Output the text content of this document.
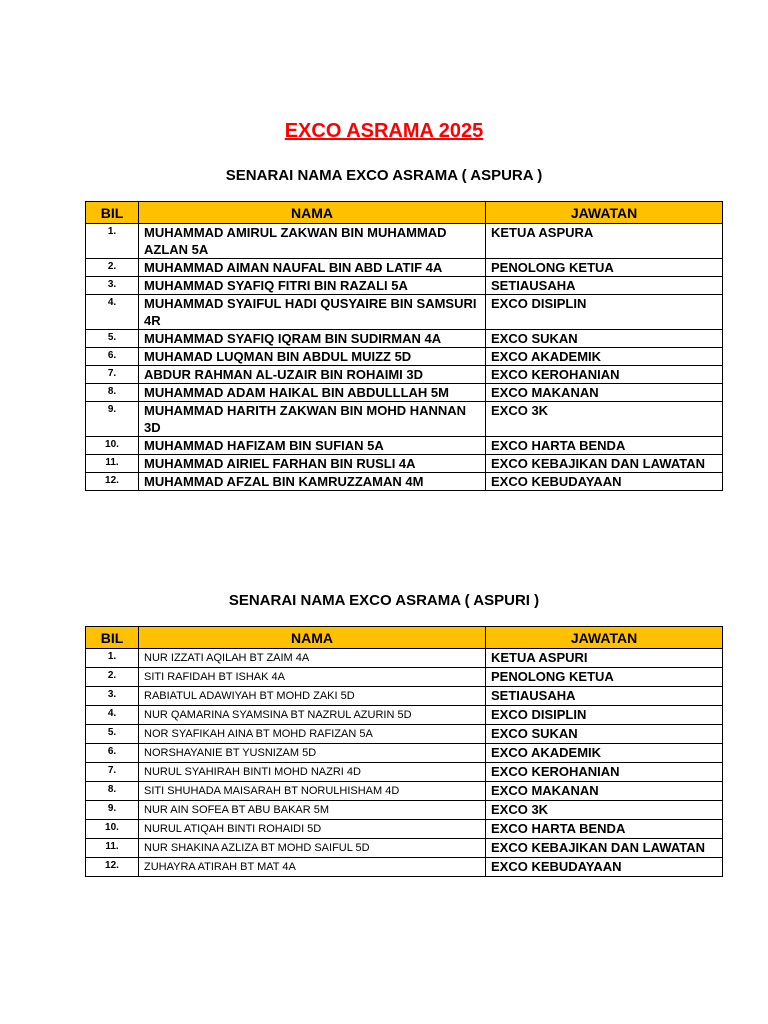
EXCO ASRAMA 2025
SENARAI NAMA EXCO ASRAMA ( ASPURA )
BIL	NAMA	JAWATAN
1.	MUHAMMAD AMIRUL ZAKWAN BIN MUHAMMAD AZLAN 5A	KETUA ASPURA
2.	MUHAMMAD AIMAN NAUFAL BIN ABD LATIF 4A	PENOLONG KETUA
3.	MUHAMMAD SYAFIQ FITRI BIN RAZALI 5A	SETIAUSAHA
4.	MUHAMMAD SYAIFUL HADI QUSYAIRE BIN SAMSURI 4R	EXCO DISIPLIN
5.	MUHAMMAD SYAFIQ IQRAM BIN SUDIRMAN 4A	EXCO SUKAN
6.	MUHAMAD LUQMAN BIN ABDUL MUIZZ 5D	EXCO AKADEMIK
7.	ABDUR RAHMAN AL-UZAIR BIN ROHAIMI 3D	EXCO KEROHANIAN
8.	MUHAMMAD ADAM HAIKAL BIN ABDULLLAH 5M	EXCO MAKANAN
9.	MUHAMMAD HARITH ZAKWAN BIN MOHD HANNAN 3D	EXCO 3K
10.	MUHAMMAD HAFIZAM BIN SUFIAN 5A	EXCO HARTA BENDA
11.	MUHAMMAD AIRIEL FARHAN BIN RUSLI 4A	EXCO KEBAJIKAN DAN LAWATAN
12.	MUHAMMAD AFZAL BIN KAMRUZZAMAN 4M	EXCO KEBUDAYAAN
SENARAI NAMA EXCO ASRAMA ( ASPURI )
BIL	NAMA	JAWATAN
1.	NUR IZZATI AQILAH BT ZAIM 4A	KETUA ASPURI
2.	SITI RAFIDAH BT ISHAK 4A	PENOLONG KETUA
3.	RABIATUL ADAWIYAH BT MOHD ZAKI 5D	SETIAUSAHA
4.	NUR QAMARINA SYAMSINA BT NAZRUL AZURIN 5D	EXCO DISIPLIN
5.	NOR SYAFIKAH AINA BT MOHD RAFIZAN 5A	EXCO SUKAN
6.	NORSHAYANIE BT YUSNIZAM 5D	EXCO AKADEMIK
7.	NURUL SYAHIRAH BINTI MOHD NAZRI 4D	EXCO KEROHANIAN
8.	SITI SHUHADA MAISARAH BT NORULHISHAM 4D	EXCO MAKANAN
9.	NUR AIN SOFEA BT ABU BAKAR 5M	EXCO 3K
10.	NURUL ATIQAH BINTI ROHAIDI 5D	EXCO HARTA BENDA
11.	NUR SHAKINA AZLIZA BT MOHD SAIFUL 5D	EXCO KEBAJIKAN DAN LAWATAN
12.	ZUHAYRA ATIRAH BT MAT 4A	EXCO KEBUDAYAAN
